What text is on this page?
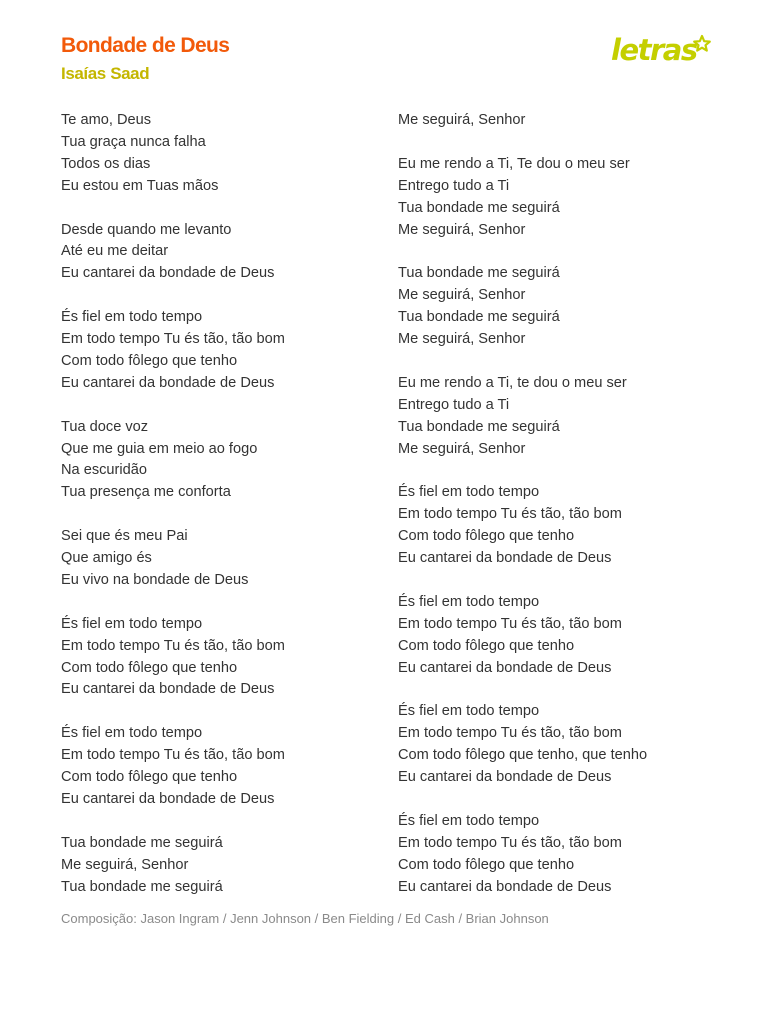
Bondade de Deus
Isaías Saad
letras
Te amo, Deus
Tua graça nunca falha
Todos os dias
Eu estou em Tuas mãos
Desde quando me levanto
Até eu me deitar
Eu cantarei da bondade de Deus
És fiel em todo tempo
Em todo tempo Tu és tão, tão bom
Com todo fôlego que tenho
Eu cantarei da bondade de Deus
Tua doce voz
Que me guia em meio ao fogo
Na escuridão
Tua presença me conforta
Sei que és meu Pai
Que amigo és
Eu vivo na bondade de Deus
És fiel em todo tempo
Em todo tempo Tu és tão, tão bom
Com todo fôlego que tenho
Eu cantarei da bondade de Deus
És fiel em todo tempo
Em todo tempo Tu és tão, tão bom
Com todo fôlego que tenho
Eu cantarei da bondade de Deus
Tua bondade me seguirá
Me seguirá, Senhor
Tua bondade me seguirá
Me seguirá, Senhor
Eu me rendo a Ti, Te dou o meu ser
Entrego tudo a Ti
Tua bondade me seguirá
Me seguirá, Senhor
Tua bondade me seguirá
Me seguirá, Senhor
Tua bondade me seguirá
Me seguirá, Senhor
Eu me rendo a Ti, te dou o meu ser
Entrego tudo a Ti
Tua bondade me seguirá
Me seguirá, Senhor
És fiel em todo tempo
Em todo tempo Tu és tão, tão bom
Com todo fôlego que tenho
Eu cantarei da bondade de Deus
És fiel em todo tempo
Em todo tempo Tu és tão, tão bom
Com todo fôlego que tenho
Eu cantarei da bondade de Deus
És fiel em todo tempo
Em todo tempo Tu és tão, tão bom
Com todo fôlego que tenho, que tenho
Eu cantarei da bondade de Deus
És fiel em todo tempo
Em todo tempo Tu és tão, tão bom
Com todo fôlego que tenho
Eu cantarei da bondade de Deus
Composição: Jason Ingram / Jenn Johnson / Ben Fielding / Ed Cash / Brian Johnson
